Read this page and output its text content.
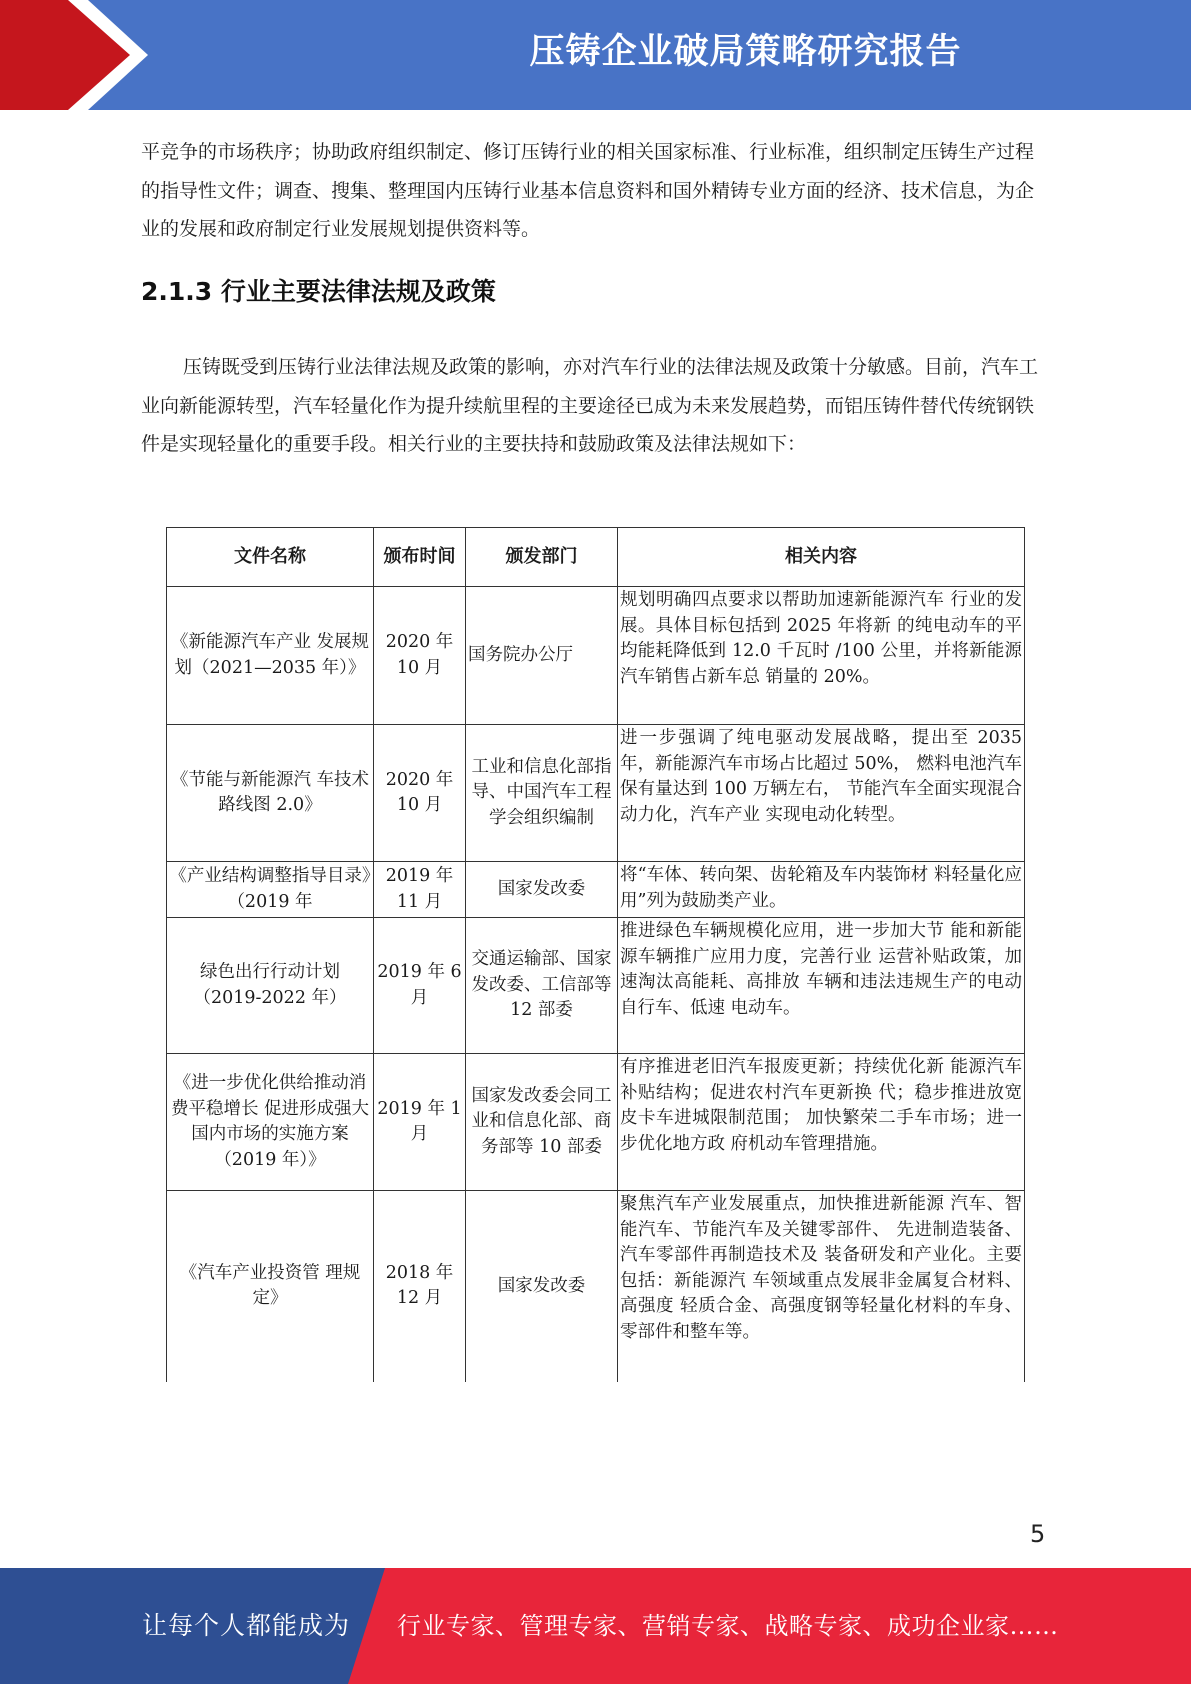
压铸企业破局策略研究报告

平竞争的市场秩序；协助政府组织制定、修订压铸行业的相关国家标准、行业标准，组织制定压铸生产过程的指导性文件；调查、搜集、整理国内压铸行业基本信息资料和国外精铸专业方面的经济、技术信息，为企业的发展和政府制定行业发展规划提供资料等。

2.1.3 行业主要法律法规及政策

压铸既受到压铸行业法律法规及政策的影响，亦对汽车行业的法律法规及政策十分敏感。目前，汽车工业向新能源转型，汽车轻量化作为提升续航里程的主要途径已成为未来发展趋势，而铝压铸件替代传统钢铁件是实现轻量化的重要手段。相关行业的主要扶持和鼓励政策及法律法规如下：

文件名称	颁布时间	颁发部门	相关内容
《新能源汽车产业 发展规划（2021—2035 年）》	2020 年 10 月	国务院办公厅	规划明确四点要求以帮助加速新能源汽车 行业的发展。具体目标包括到 2025 年将新 的纯电动车的平均能耗降低到 12.0 千瓦时 /100 公里，并将新能源汽车销售占新车总 销量的 20%。
《节能与新能源汽 车技术路线图 2.0》	2020 年 10 月	工业和信息化部指导、中国汽车工程学会组织编制	进一步强调了纯电驱动发展战略，提出至 2035 年，新能源汽车市场占比超过 50%， 燃料电池汽车保有量达到 100 万辆左右， 节能汽车全面实现混合动力化，汽车产业 实现电动化转型。
《产业结构调整指导目录》（2019 年	2019 年 11 月	国家发改委	将“车体、转向架、齿轮箱及车内装饰材 料轻量化应用”列为鼓励类产业。
绿色出行行动计划（2019-2022 年）	2019 年 6 月	交通运输部、国家发改委、工信部等 12 部委	推进绿色车辆规模化应用，进一步加大节 能和新能源车辆推广应用力度，完善行业 运营补贴政策，加速淘汰高能耗、高排放 车辆和违法违规生产的电动自行车、低速 电动车。
《进一步优化供给推动消费平稳增长 促进形成强大国内市场的实施方案（2019 年）》	2019 年 1 月	国家发改委会同工业和信息化部、商务部等 10 部委	有序推进老旧汽车报废更新；持续优化新 能源汽车补贴结构；促进农村汽车更新换 代；稳步推进放宽皮卡车进城限制范围； 加快繁荣二手车市场；进一步优化地方政 府机动车管理措施。
《汽车产业投资管 理规定》	2018 年 12 月	国家发改委	聚焦汽车产业发展重点，加快推进新能源 汽车、智能汽车、节能汽车及关键零部件、 先进制造装备、汽车零部件再制造技术及 装备研发和产业化。主要包括：新能源汽 车领域重点发展非金属复合材料、高强度 轻质合金、高强度钢等轻量化材料的车身、 零部件和整车等。
5
让每个人都能成为 行业专家、管理专家、营销专家、战略专家、成功企业家……
